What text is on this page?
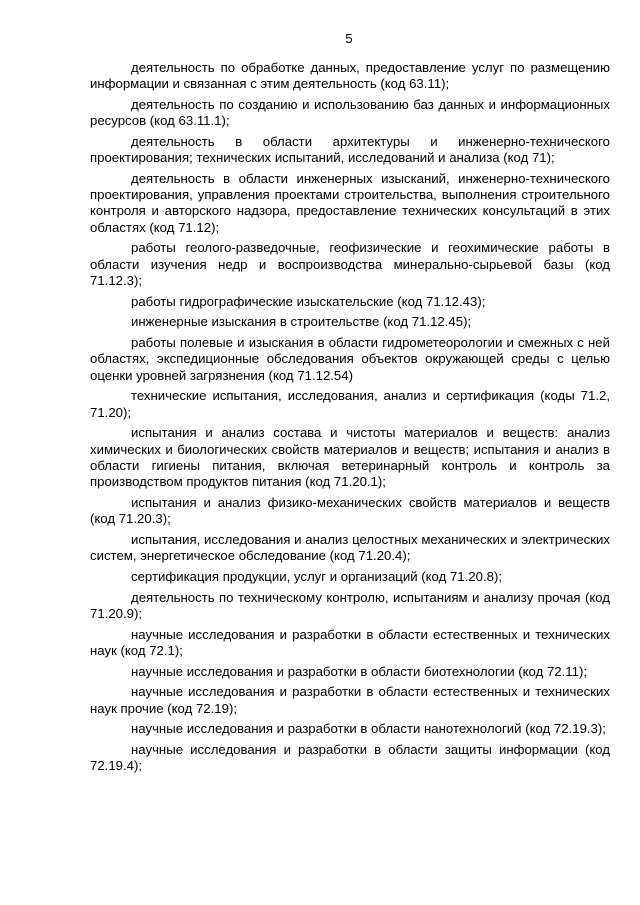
5

деятельность по обработке данных, предоставление услуг по размещению информации и связанная с этим деятельность (код 63.11);

деятельность по созданию и использованию баз данных и информационных ресурсов (код 63.11.1);

деятельность в области архитектуры и инженерно-технического проектирования; технических испытаний, исследований и анализа (код 71);

деятельность в области инженерных изысканий, инженерно-технического проектирования, управления проектами строительства, выполнения строительного контроля и авторского надзора, предоставление технических консультаций в этих областях (код 71.12);

работы геолого-разведочные, геофизические и геохимические работы в области изучения недр и воспроизводства минерально-сырьевой базы (код 71.12.3);

работы гидрографические изыскательские (код 71.12.43);

инженерные изыскания в строительстве (код 71.12.45);

работы полевые и изыскания в области гидрометеорологии и смежных с ней областях, экспедиционные обследования объектов окружающей среды с целью оценки уровней загрязнения (код 71.12.54)

технические испытания, исследования, анализ и сертификация (коды 71.2, 71.20);

испытания и анализ состава и чистоты материалов и веществ: анализ химических и биологических свойств материалов и веществ; испытания и анализ в области гигиены питания, включая ветеринарный контроль и контроль за производством продуктов питания (код 71.20.1);

испытания и анализ физико-механических свойств материалов и веществ (код 71.20.3);

испытания, исследования и анализ целостных механических и электрических систем, энергетическое обследование (код 71.20.4);

сертификация продукции, услуг и организаций (код 71.20.8);

деятельность по техническому контролю, испытаниям и анализу прочая (код 71.20.9);

научные исследования и разработки в области естественных и технических наук (код 72.1);

научные исследования и разработки в области биотехнологии (код 72.11);

научные исследования и разработки в области естественных и технических наук прочие (код 72.19);

научные исследования и разработки в области нанотехнологий (код 72.19.3);

научные исследования и разработки в области защиты информации (код 72.19.4);
